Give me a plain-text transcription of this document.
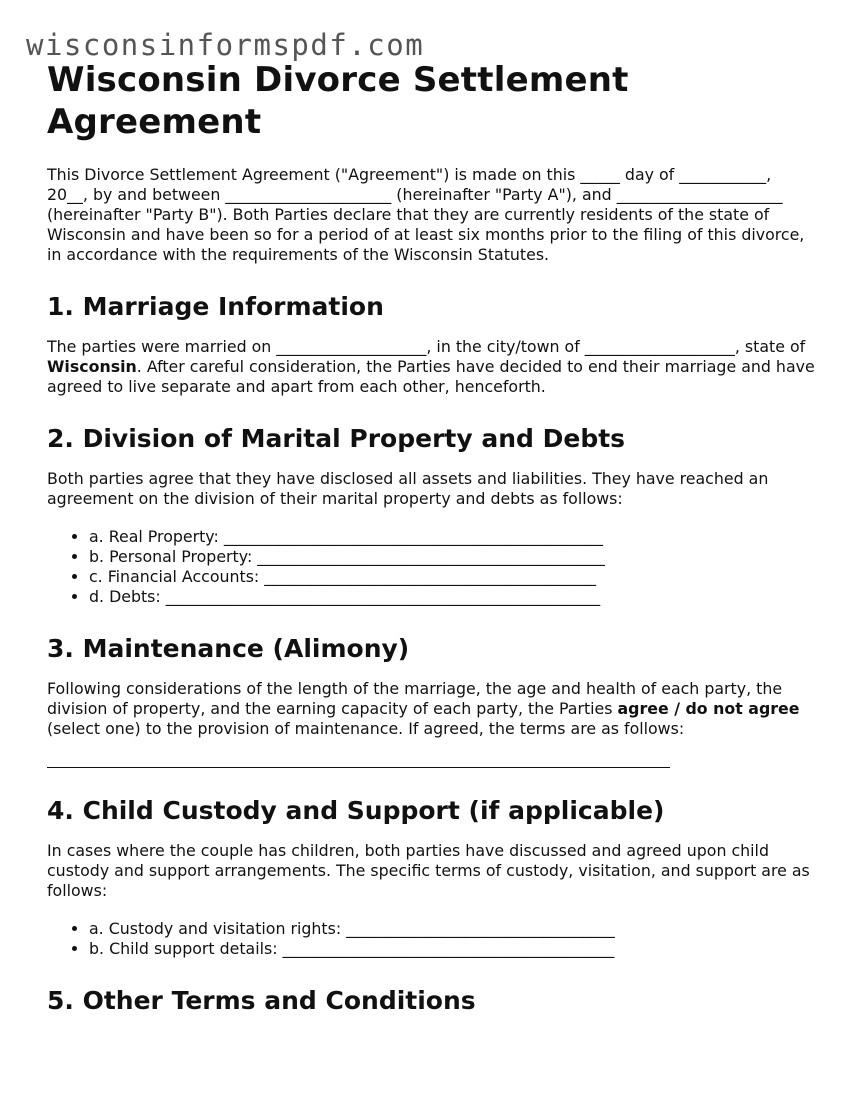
wisconsinformspdf.com
Wisconsin Divorce Settlement Agreement

This Divorce Settlement Agreement ("Agreement") is made on this _____ day of ___________, 20__, by and between _____________________ (hereinafter "Party A"), and _____________________ (hereinafter "Party B"). Both Parties declare that they are currently residents of the state of Wisconsin and have been so for a period of at least six months prior to the filing of this divorce, in accordance with the requirements of the Wisconsin Statutes.

1. Marriage Information

The parties were married on ___________________, in the city/town of ___________________, state of Wisconsin. After careful consideration, the Parties have decided to end their marriage and have agreed to live separate and apart from each other, henceforth.

2. Division of Marital Property and Debts

Both parties agree that they have disclosed all assets and liabilities. They have reached an agreement on the division of their marital property and debts as follows:

• a. Real Property: ________________________________________________
• b. Personal Property: ____________________________________________
• c. Financial Accounts: __________________________________________
• d. Debts: _______________________________________________________
3. Maintenance (Alimony)

Following considerations of the length of the marriage, the age and health of each party, the division of property, and the earning capacity of each party, the Parties agree / do not agree (select one) to the provision of maintenance. If agreed, the terms are as follows:

4. Child Custody and Support (if applicable)

In cases where the couple has children, both parties have discussed and agreed upon child custody and support arrangements. The specific terms of custody, visitation, and support are as follows:

• a. Custody and visitation rights: __________________________________
• b. Child support details: __________________________________________
5. Other Terms and Conditions
